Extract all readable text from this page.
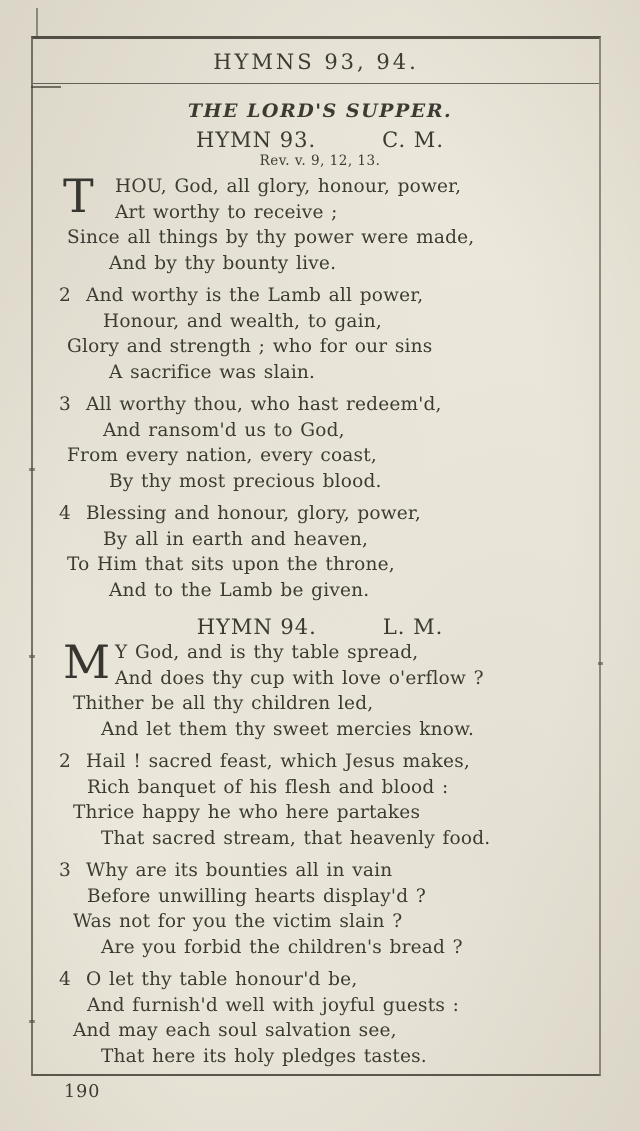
HYMNS 93, 94.
THE LORD'S SUPPER.
HYMN 93.	C. M.
Rev. v. 9, 12, 13.
T HOU, God, all glory, honour, power,
Art worthy to receive ;
Since all things by thy power were made,
And by thy bounty live.
2 And worthy is the Lamb all power,
Honour, and wealth, to gain,
Glory and strength ; who for our sins
A sacrifice was slain.
3 All worthy thou, who hast redeem'd,
And ransom'd us to God,
From every nation, every coast,
By thy most precious blood.
4 Blessing and honour, glory, power,
By all in earth and heaven,
To Him that sits upon the throne,
And to the Lamb be given.
HYMN 94.	L. M.
M Y God, and is thy table spread,
And does thy cup with love o'erflow ?
Thither be all thy children led,
And let them thy sweet mercies know.
2 Hail ! sacred feast, which Jesus makes,
Rich banquet of his flesh and blood :
Thrice happy he who here partakes
That sacred stream, that heavenly food.
3 Why are its bounties all in vain
Before unwilling hearts display'd ?
Was not for you the victim slain ?
Are you forbid the children's bread ?
4 O let thy table honour'd be,
And furnish'd well with joyful guests :
And may each soul salvation see,
That here its holy pledges tastes.
190
